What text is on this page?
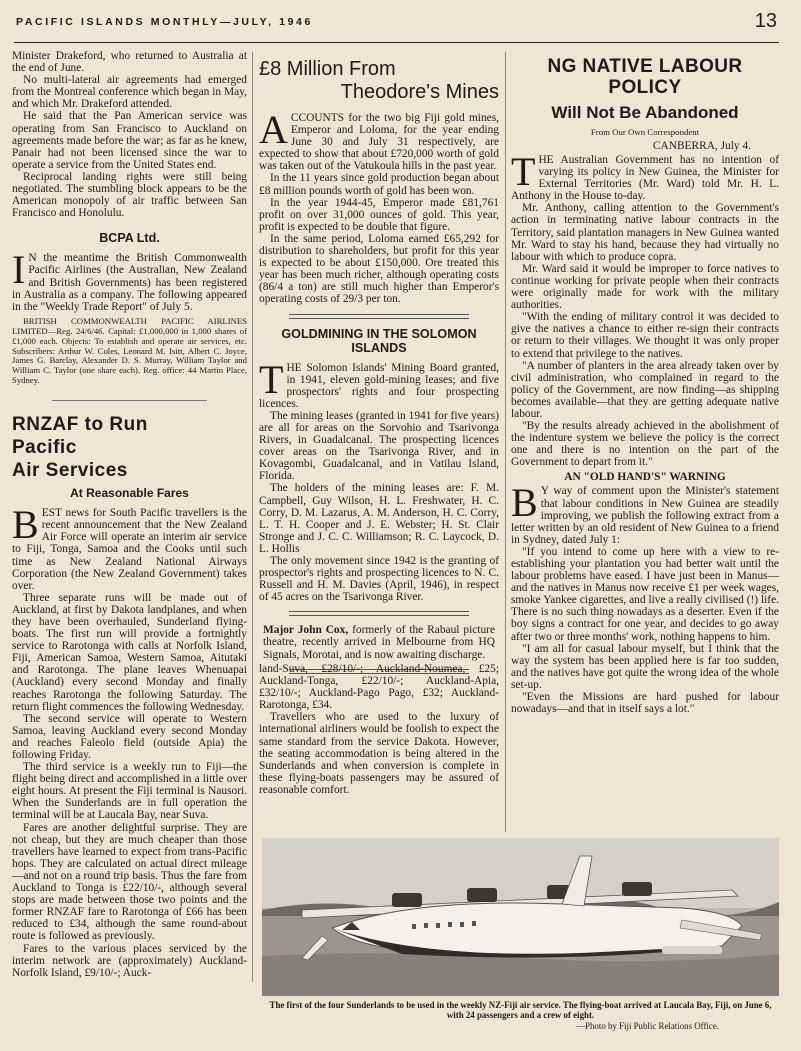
PACIFIC ISLANDS MONTHLY—JULY, 1946	13

Minister Drakeford, who returned to Australia at the end of June.

No multi-lateral air agreements had emerged from the Montreal conference which began in May, and which Mr. Drakeford attended.

He said that the Pan American service was operating from San Francisco to Auckland on agreements made before the war; as far as he knew, Panair had not been licensed since the war to operate a service from the United States end.

Reciprocal landing rights were still being negotiated. The stumbling block appears to be the American monopoly of air traffic between San Francisco and Honolulu.

BCPA Ltd.

IN the meantime the British Commonwealth Pacific Airlines (the Australian, New Zealand and British Governments) has been registered in Australia as a company. The following appeared in the "Weekly Trade Report" of July 5.

BRITISH COMMONWEALTH PACIFIC AIRLINES LIMITED—Reg. 24/6/46. Capital: £1,000,000 in 1,000 shares of £1,000 each. Objects: To establish and operate air services, etc. Subscribers: Arthur W. Coles, Leonard M. Isitt, Albert C. Joyce, James G. Barclay, Alexander D. S. Murray, William Taylor and William C. Taylor (one share each). Reg. office: 44 Martin Place, Sydney.

RNZAF to Run
Pacific
Air Services
At Reasonable Fares

BEST news for South Pacific travellers is the recent announcement that the New Zealand Air Force will operate an interim air service to Fiji, Tonga, Samoa and the Cooks until such time as New Zealand National Airways Corporation (the New Zealand Government) takes over.

Three separate runs will be made out of Auckland, at first by Dakota landplanes, and when they have been overhauled, Sunderland flying-boats. The first run will provide a fortnightly service to Rarotonga with calls at Norfolk Island, Fiji, American Samoa, Western Samoa, Aitutaki and Rarotonga. The plane leaves Whenuapai (Auckland) every second Monday and finally reaches Rarotonga the following Saturday. The return flight commences the following Wednesday.

The second service will operate to Western Samoa, leaving Auckland every second Monday and reaches Faleolo field (outside Apia) the following Friday.

The third service is a weekly run to Fiji—the flight being direct and accomplished in a little over eight hours. At present the Fiji terminal is Nausori. When the Sunderlands are in full operation the terminal will be at Laucala Bay, near Suva.

Fares are another delightful surprise. They are not cheap, but they are much cheaper than those travellers have learned to expect from trans-Pacific hops. They are calculated on actual direct mileage—and not on a round trip basis. Thus the fare from Auckland to Tonga is £22/10/-, although several stops are made between those two points and the former RNZAF fare to Rarotonga of £66 has been reduced to £34, although the same round-about route is followed as previously.

Fares to the various places serviced by the interim network are (approximately) Auckland-Norfolk Island, £9/10/-; Auck-

£8 Million From
Theodore's Mines

ACCOUNTS for the two big Fiji gold mines, Emperor and Loloma, for the year ending June 30 and July 31 respectively, are expected to show that about £720,000 worth of gold was taken out of the Vatukoula hills in the past year.

In the 11 years since gold production began about £8 million pounds worth of gold has been won.

In the year 1944-45, Emperor made £81,761 profit on over 31,000 ounces of gold. This year, profit is expected to be double that figure.

In the same period, Loloma earned £65,292 for distribution to shareholders, but profit for this year is expected to be about £150,000. Ore treated this year has been much richer, although operating costs (86/4 a ton) are still much higher than Emperor's operating costs of 29/3 per ton.

GOLDMINING IN THE SOLOMON ISLANDS

THE Solomon Islands' Mining Board granted, in 1941, eleven gold-mining leases; and five prospectors' rights and four prospecting licences.

The mining leases (granted in 1941 for five years) are all for areas on the Sorvohio and Tsarivonga Rivers, in Guadalcanal. The prospecting licences cover areas on the Tsarivonga River, and in Kovagombi, Guadalcanal, and in Vatilau Island, Florida.

The holders of the mining leases are: F. M. Campbell, Guy Wilson, H. L. Freshwater, H. C. Corry, D. M. Lazarus, A. M. Anderson, H. C. Corry, L. T. H. Cooper and J. E. Webster; H. St. Clair Stronge and J. C. C. Williamson; R. C. Laycock, D. L. Hollis

The only movement since 1942 is the granting of prospector's rights and prospecting licences to N. C. Russell and H. M. Davies (April, 1946), in respect of 45 acres on the Tsarivonga River.

Major John Cox, formerly of the Rabaul picture theatre, recently arrived in Melbourne from HQ Signals, Morotai, and is now awaiting discharge.

NG NATIVE LABOUR
POLICY
Will Not Be Abandoned
From Our Own Correspondent
CANBERRA, July 4.

THE Australian Government has no intention of varying its policy in New Guinea, the Minister for External Territories (Mr. Ward) told Mr. H. L. Anthony in the House to-day.

Mr. Anthony, calling attention to the Government's action in terminating native labour contracts in the Territory, said plantation managers in New Guinea wanted Mr. Ward to stay his hand, because they had virtually no labour with which to produce copra.

Mr. Ward said it would be improper to force natives to continue working for private people when their contracts were originally made for work with the military authorities.

"With the ending of military control it was decided to give the natives a chance to either re-sign their contracts or return to their villages. We thought it was only proper to extend that privilege to the natives.

"A number of planters in the area already taken over by civil administration, who complained in regard to the policy of the Government, are now finding—as shipping becomes available—that they are getting adequate native labour.

"By the results already achieved in the abolishment of the indenture system we believe the policy is the correct one and there is no intention on the part of the Government to depart from it."

AN "OLD HAND'S" WARNING

BY way of comment upon the Minister's statement that labour conditions in New Guinea are steadily improving, we publish the following extract from a letter written by an old resident of New Guinea to a friend in Sydney, dated July 1:

"If you intend to come up here with a view to re-establishing your plantation you had better wait until the labour problems have eased. I have just been in Manus—and the natives in Manus now receive £1 per week wages, smoke Yankee cigarettes, and live a really civilised (!) life. There is no such thing nowadays as a deserter. Even if the boy signs a contract for one year, and decides to go away after two or three months' work, nothing happens to him.

"I am all for casual labour myself, but I think that the way the system has been applied here is far too sudden, and the natives have got quite the wrong idea of the whole set-up.

"Even the Missions are hard pushed for labour nowadays—and that in itself says a lot."

land-Suva, £28/10/-; Auckland-Noumea, £25; Auckland-Tonga, £22/10/-; Auckland-Apia, £32/10/-; Auckland-Pago Pago, £32; Auckland-Rarotonga, £34.

Travellers who are used to the luxury of international airliners would be foolish to expect the same standard from the service Dakota. However, the seating accommodation is being altered in the Sunderlands and when conversion is complete in these flying-boats passengers may be assured of reasonable comfort.

The first of the four Sunderlands to be used in the weekly NZ-Fiji air service. The flying-boat arrived at Laucala Bay, Fiji, on June 6, with 24 passengers and a crew of eight.
—Photo by Fiji Public Relations Office.
